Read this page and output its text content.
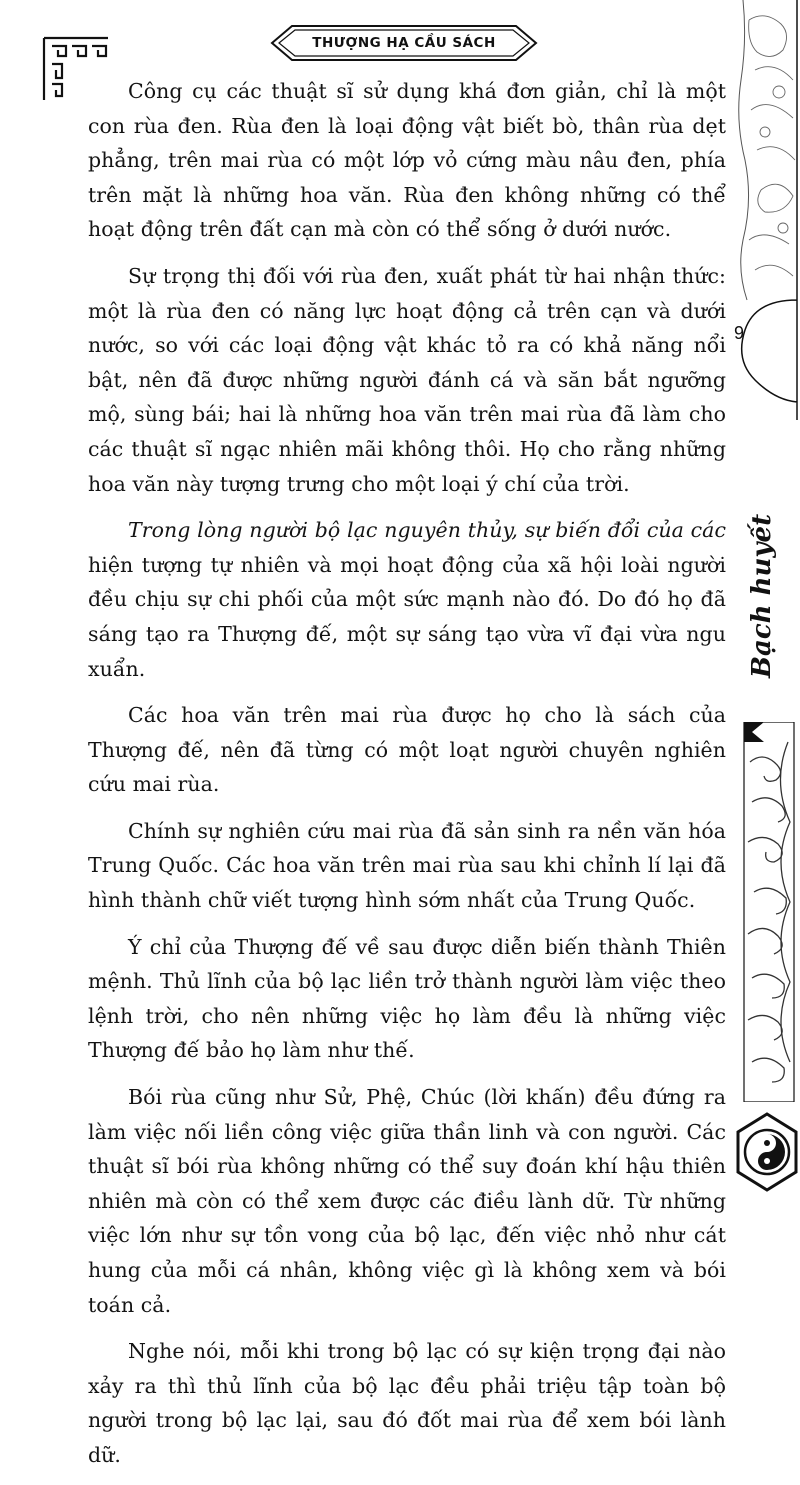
THƯỢNG HẠ CẦU SÁCH

Công cụ các thuật sĩ sử dụng khá đơn giản, chỉ là một con rùa đen. Rùa đen là loại động vật biết bò, thân rùa dẹt phẳng, trên mai rùa có một lớp vỏ cứng màu nâu đen, phía trên mặt là những hoa văn. Rùa đen không những có thể hoạt động trên đất cạn mà còn có thể sống ở dưới nước.

Sự trọng thị đối với rùa đen, xuất phát từ hai nhận thức: một là rùa đen có năng lực hoạt động cả trên cạn và dưới nước, so với các loại động vật khác tỏ ra có khả năng nổi bật, nên đã được những người đánh cá và săn bắt ngưỡng mộ, sùng bái; hai là những hoa văn trên mai rùa đã làm cho các thuật sĩ ngạc nhiên mãi không thôi. Họ cho rằng những hoa văn này tượng trưng cho một loại ý chí của trời.

Trong lòng người bộ lạc nguyên thủy, sự biến đổi của các hiện tượng tự nhiên và mọi hoạt động của xã hội loài người đều chịu sự chi phối của một sức mạnh nào đó. Do đó họ đã sáng tạo ra Thượng đế, một sự sáng tạo vừa vĩ đại vừa ngu xuẩn.

Các hoa văn trên mai rùa được họ cho là sách của Thượng đế, nên đã từng có một loạt người chuyên nghiên cứu mai rùa.

Chính sự nghiên cứu mai rùa đã sản sinh ra nền văn hóa Trung Quốc. Các hoa văn trên mai rùa sau khi chỉnh lí lại đã hình thành chữ viết tượng hình sớm nhất của Trung Quốc.

Ý chỉ của Thượng đế về sau được diễn biến thành Thiên mệnh. Thủ lĩnh của bộ lạc liền trở thành người làm việc theo lệnh trời, cho nên những việc họ làm đều là những việc Thượng đế bảo họ làm như thế.

Bói rùa cũng như Sử, Phệ, Chúc (lời khấn) đều đứng ra làm việc nối liền công việc giữa thần linh và con người. Các thuật sĩ bói rùa không những có thể suy đoán khí hậu thiên nhiên mà còn có thể xem được các điều lành dữ. Từ những việc lớn như sự tồn vong của bộ lạc, đến việc nhỏ như cát hung của mỗi cá nhân, không việc gì là không xem và bói toán cả.

Nghe nói, mỗi khi trong bộ lạc có sự kiện trọng đại nào xảy ra thì thủ lĩnh của bộ lạc đều phải triệu tập toàn bộ người trong bộ lạc lại, sau đó đốt mai rùa để xem bói lành dữ.

9
Bạch huyết
